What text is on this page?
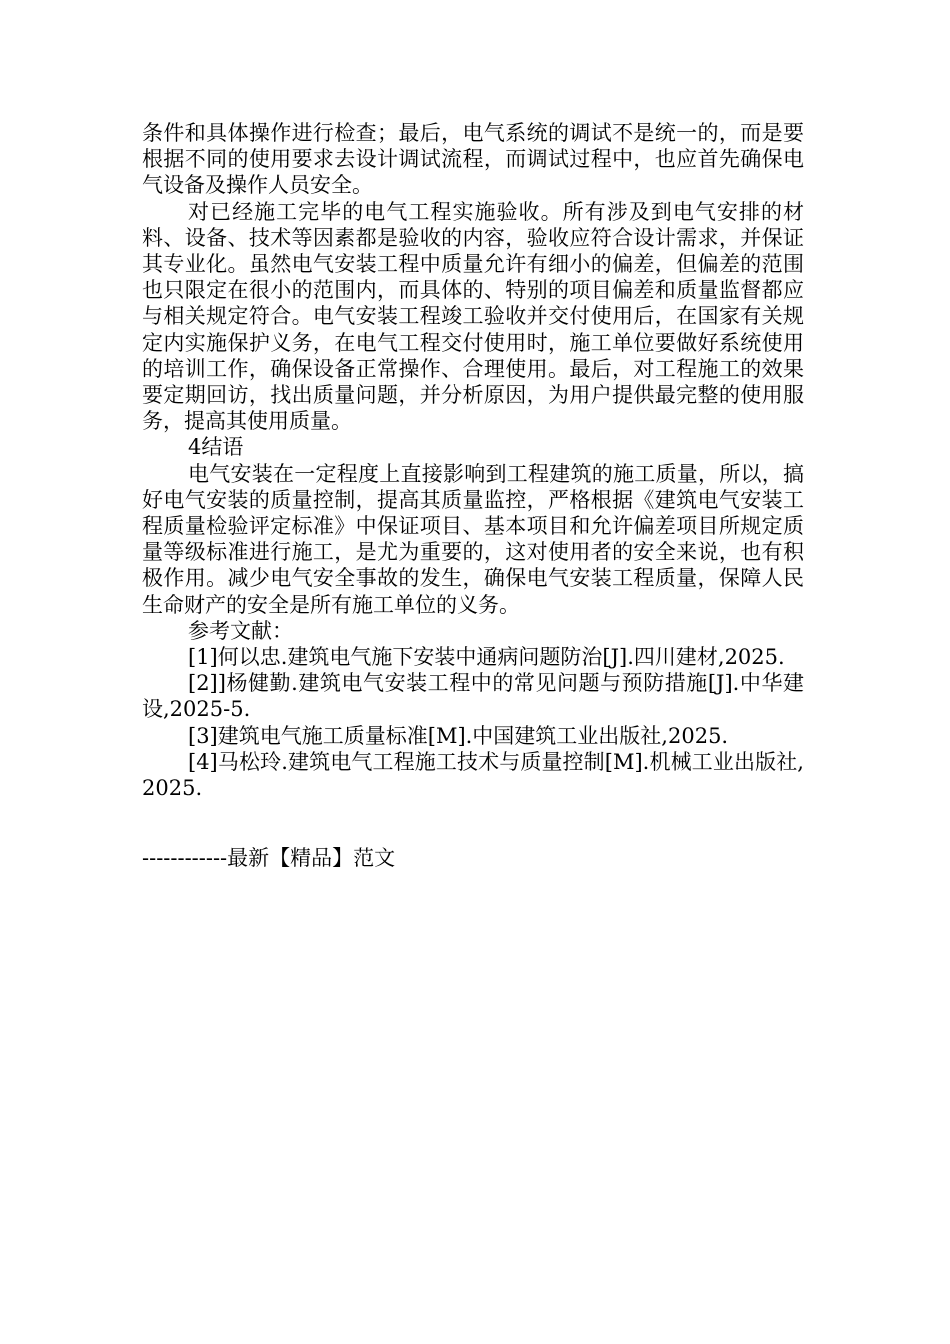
条件和具体操作进行检查；最后，电气系统的调试不是统一的，而是要根据不同的使用要求去设计调试流程，而调试过程中，也应首先确保电气设备及操作人员安全。

对已经施工完毕的电气工程实施验收。所有涉及到电气安排的材料、设备、技术等因素都是验收的内容，验收应符合设计需求，并保证其专业化。虽然电气安装工程中质量允许有细小的偏差，但偏差的范围也只限定在很小的范围内，而具体的、特别的项目偏差和质量监督都应与相关规定符合。电气安装工程竣工验收并交付使用后，在国家有关规定内实施保护义务，在电气工程交付使用时，施工单位要做好系统使用的培训工作，确保设备正常操作、合理使用。最后，对工程施工的效果要定期回访，找出质量问题，并分析原因，为用户提供最完整的使用服务，提高其使用质量。

4结语

电气安装在一定程度上直接影响到工程建筑的施工质量，所以，搞好电气安装的质量控制，提高其质量监控，严格根据《建筑电气安装工程质量检验评定标准》中保证项目、基本项目和允许偏差项目所规定质量等级标准进行施工，是尤为重要的，这对使用者的安全来说，也有积极作用。减少电气安全事故的发生，确保电气安装工程质量，保障人民生命财产的安全是所有施工单位的义务。

参考文献：

[1]何以忠.建筑电气施下安装中通病问题防治[J].四川建材,2025.

[2]]杨健勤.建筑电气安装工程中的常见问题与预防措施[J].中华建设,2025-5.

[3]建筑电气施工质量标准[M].中国建筑工业出版社,2025.

[4]马松玲.建筑电气工程施工技术与质量控制[M].机械工业出版社,2025.

------------最新【精品】范文
